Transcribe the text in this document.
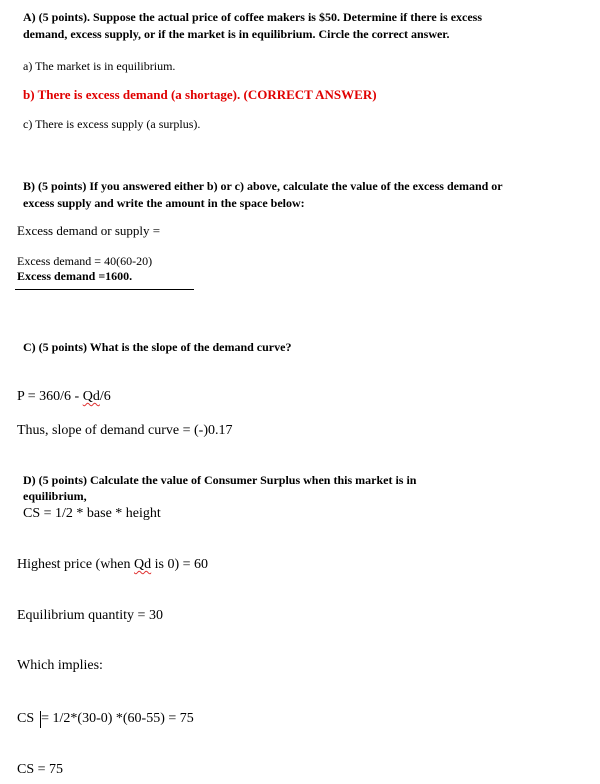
A) (5 points). Suppose the actual price of coffee makers is $50. Determine if there is excess
demand, excess supply, or if the market is in equilibrium. Circle the correct answer.
a) The market is in equilibrium.
b) There is excess demand (a shortage). (CORRECT ANSWER)
c) There is excess supply (a surplus).
B) (5 points) If you answered either b) or c) above, calculate the value of the excess demand or
excess supply and write the amount in the space below:
Excess demand or supply =
Excess demand = 40(60-20)
Excess demand =1600.
C) (5 points) What is the slope of the demand curve?
P = 360/6 - Qd/6
Thus, slope of demand curve = (-)0.17
D) (5 points) Calculate the value of Consumer Surplus when this market is in
equilibrium,
CS = 1/2 * base * height
Highest price (when Qd is 0) = 60
Equilibrium quantity = 30
Which implies:
CS = 1/2*(30-0) *(60-55) = 75
CS = 75
